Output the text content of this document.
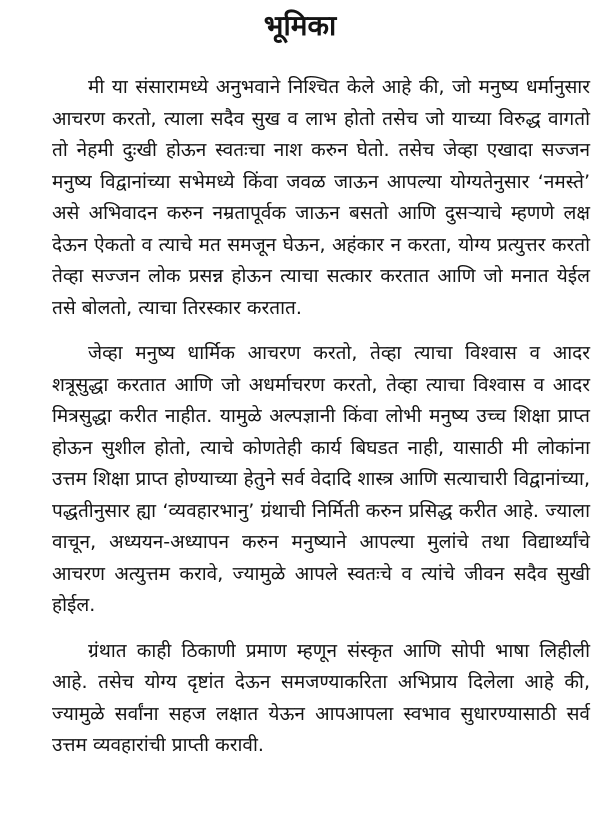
भूमिका

मी या संसारामध्ये अनुभवाने निश्चित केले आहे की, जो मनुष्य धर्मानुसार आचरण करतो, त्याला सदैव सुख व लाभ होतो तसेच जो याच्या विरुद्ध वागतो तो नेहमी दुःखी होऊन स्वतःचा नाश करुन घेतो. तसेच जेव्हा एखादा सज्जन मनुष्य विद्वानांच्या सभेमध्ये किंवा जवळ जाऊन आपल्या योग्यतेनुसार ‘नमस्ते’ असे अभिवादन करुन नम्रतापूर्वक जाऊन बसतो आणि दुसऱ्याचे म्हणणे लक्ष देऊन ऐकतो व त्याचे मत समजून घेऊन, अहंकार न करता, योग्य प्रत्युत्तर करतो तेव्हा सज्जन लोक प्रसन्न होऊन त्याचा सत्कार करतात आणि जो मनात येईल तसे बोलतो, त्याचा तिरस्कार करतात.

जेव्हा मनुष्य धार्मिक आचरण करतो, तेव्हा त्याचा विश्वास व आदर शत्रूसुद्धा करतात आणि जो अधर्माचरण करतो, तेव्हा त्याचा विश्वास व आदर मित्रसुद्धा करीत नाहीत. यामुळे अल्पज्ञानी किंवा लोभी मनुष्य उच्च शिक्षा प्राप्त होऊन सुशील होतो, त्याचे कोणतेही कार्य बिघडत नाही, यासाठी मी लोकांना उत्तम शिक्षा प्राप्त होण्याच्या हेतुने सर्व वेदादि शास्त्र आणि सत्याचारी विद्वानांच्या, पद्धतीनुसार ह्या ‘व्यवहारभानु’ ग्रंथाची निर्मिती करुन प्रसिद्ध करीत आहे. ज्याला वाचून, अध्ययन-अध्यापन करुन मनुष्याने आपल्या मुलांचे तथा विद्यार्थ्यांचे आचरण अत्युत्तम करावे, ज्यामुळे आपले स्वतःचे व त्यांचे जीवन सदैव सुखी होईल.

ग्रंथात काही ठिकाणी प्रमाण म्हणून संस्कृत आणि सोपी भाषा लिहीली आहे. तसेच योग्य दृष्टांत देऊन समजण्याकरिता अभिप्राय दिलेला आहे की, ज्यामुळे सर्वांना सहज लक्षात येऊन आपआपला स्वभाव सुधारण्यासाठी सर्व उत्तम व्यवहारांची प्राप्ती करावी.
